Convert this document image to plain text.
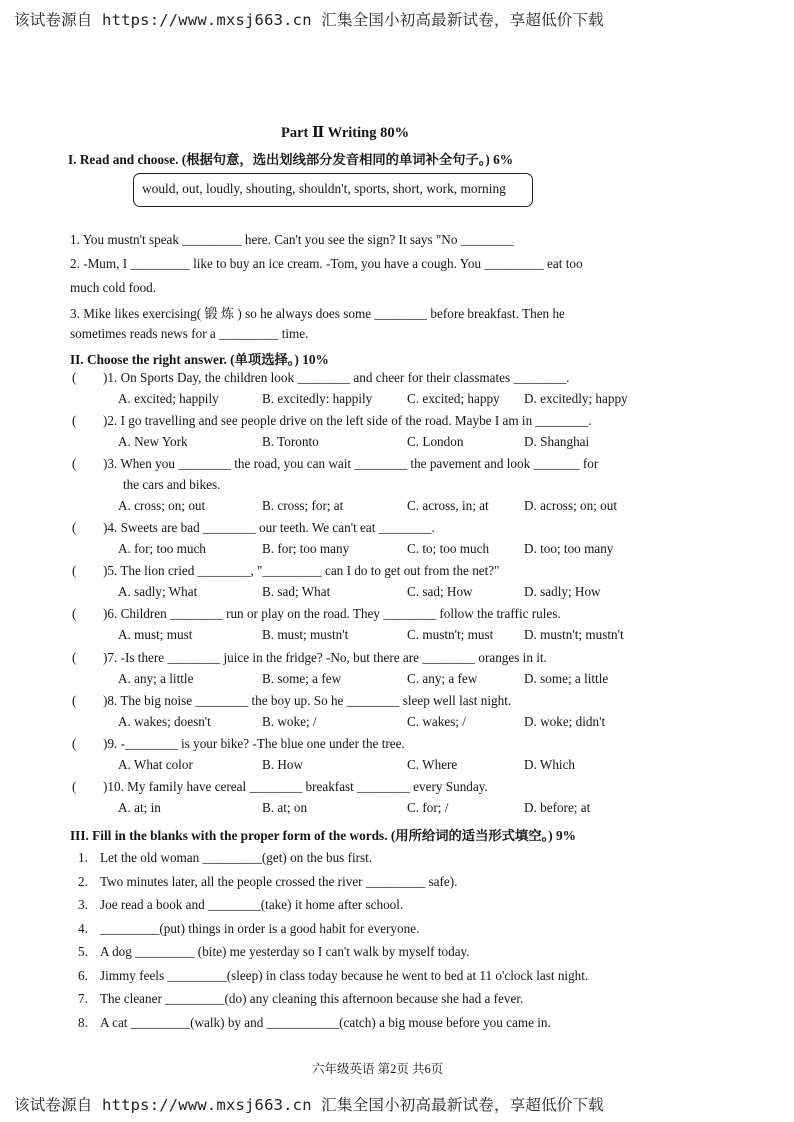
该试卷源自 https://www.mxsj663.cn 汇集全国小初高最新试卷，享超低价下载
该试卷源自 https://www.mxsj663.cn 汇集全国小初高最新试卷，享超低价下载
Part Ⅱ Writing 80%
I. Read and choose. (根据句意，选出划线部分发音相同的单词补全句子。) 6%
would, out, loudly, shouting, shouldn't, sports, short, work, morning
1. You mustn't speak _________ here. Can't you see the sign? It says "No ________
2. -Mum, I _________ like to buy an ice cream. -Tom, you have a cough. You _________ eat too
much cold food.
3. Mike likes exercising( 锻 炼 ) so he always does some ________ before breakfast. Then he
sometimes reads news for a _________ time.
II. Choose the right answer. (单项选择。) 10%
( )1. On Sports Day, the children look ________ and cheer for their classmates ________.
A. excited; happily	B. excitedly: happily	C. excited; happy D. excitedly; happy
( )2. I go travelling and see people drive on the left side of the road. Maybe I am in ________.
A. New York	B. Toronto	C. London	D. Shanghai
( )3. When you ________ the road, you can wait ________ the pavement and look _______ for
the cars and bikes.
A. cross; on; out	B. cross; for; at	C. across, in; at	D. across; on; out
( )4. Sweets are bad ________ our teeth. We can't eat ________.
A. for; too much	B. for; too many	C. to; too much	D. too; too many
( )5. The lion cried ________, "_________ can I do to get out from the net?"
A. sadly; What	B. sad; What	C. sad; How	D. sadly; How
( )6. Children ________ run or play on the road. They ________ follow the traffic rules.
A. must; must	B. must; mustn't	C. mustn't; must D. mustn't; mustn't
( )7. -Is there ________ juice in the fridge? -No, but there are ________ oranges in it.
A. any; a little	B. some; a few	C. any; a few	D. some; a little
( )8. The big noise ________ the boy up. So he ________ sleep well last night.
A. wakes; doesn't	B. woke; /	C. wakes; /	D. woke; didn't
( )9. -________ is your bike? -The blue one under the tree.
A. What color	B. How	C. Where	D. Which
( )10. My family have cereal ________ breakfast ________ every Sunday.
A. at; in	B. at; on	C. for; /	D. before; at
III. Fill in the blanks with the proper form of the words. (用所给词的适当形式填空。) 9%
1. Let the old woman _________(get) on the bus first.
2. Two minutes later, all the people crossed the river _________ safe).
3. Joe read a book and ________(take) it home after school.
4. _________(put) things in order is a good habit for everyone.
5. A dog _________ (bite) me yesterday so I can't walk by myself today.
6. Jimmy feels _________(sleep) in class today because he went to bed at 11 o'clock last night.
7. The cleaner _________(do) any cleaning this afternoon because she had a fever.
8. A cat _________(walk) by and ___________(catch) a big mouse before you came in.
六年级英语 第2页 共6页
